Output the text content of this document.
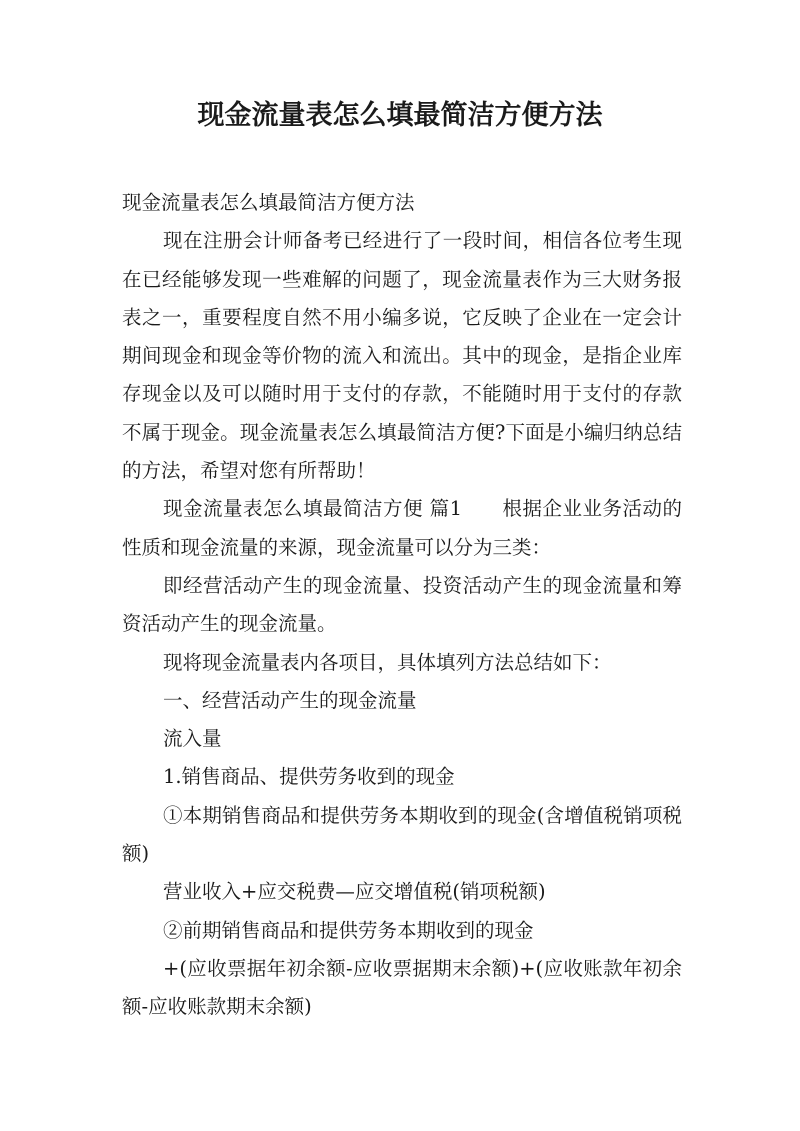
现金流量表怎么填最简洁方便方法

现金流量表怎么填最简洁方便方法

现在注册会计师备考已经进行了一段时间，相信各位考生现在已经能够发现一些难解的问题了，现金流量表作为三大财务报表之一，重要程度自然不用小编多说，它反映了企业在一定会计期间现金和现金等价物的流入和流出。其中的现金，是指企业库存现金以及可以随时用于支付的存款，不能随时用于支付的存款不属于现金。现金流量表怎么填最简洁方便?下面是小编归纳总结的方法，希望对您有所帮助！

现金流量表怎么填最简洁方便 篇1　　根据企业业务活动的性质和现金流量的来源，现金流量可以分为三类：

即经营活动产生的现金流量、投资活动产生的现金流量和筹资活动产生的现金流量。

现将现金流量表内各项目，具体填列方法总结如下：

一、经营活动产生的现金流量

流入量

1.销售商品、提供劳务收到的现金

①本期销售商品和提供劳务本期收到的现金(含增值税销项税额)

营业收入+应交税费—应交增值税(销项税额)

②前期销售商品和提供劳务本期收到的现金

+(应收票据年初余额-应收票据期末余额)+(应收账款年初余额-应收账款期末余额)
